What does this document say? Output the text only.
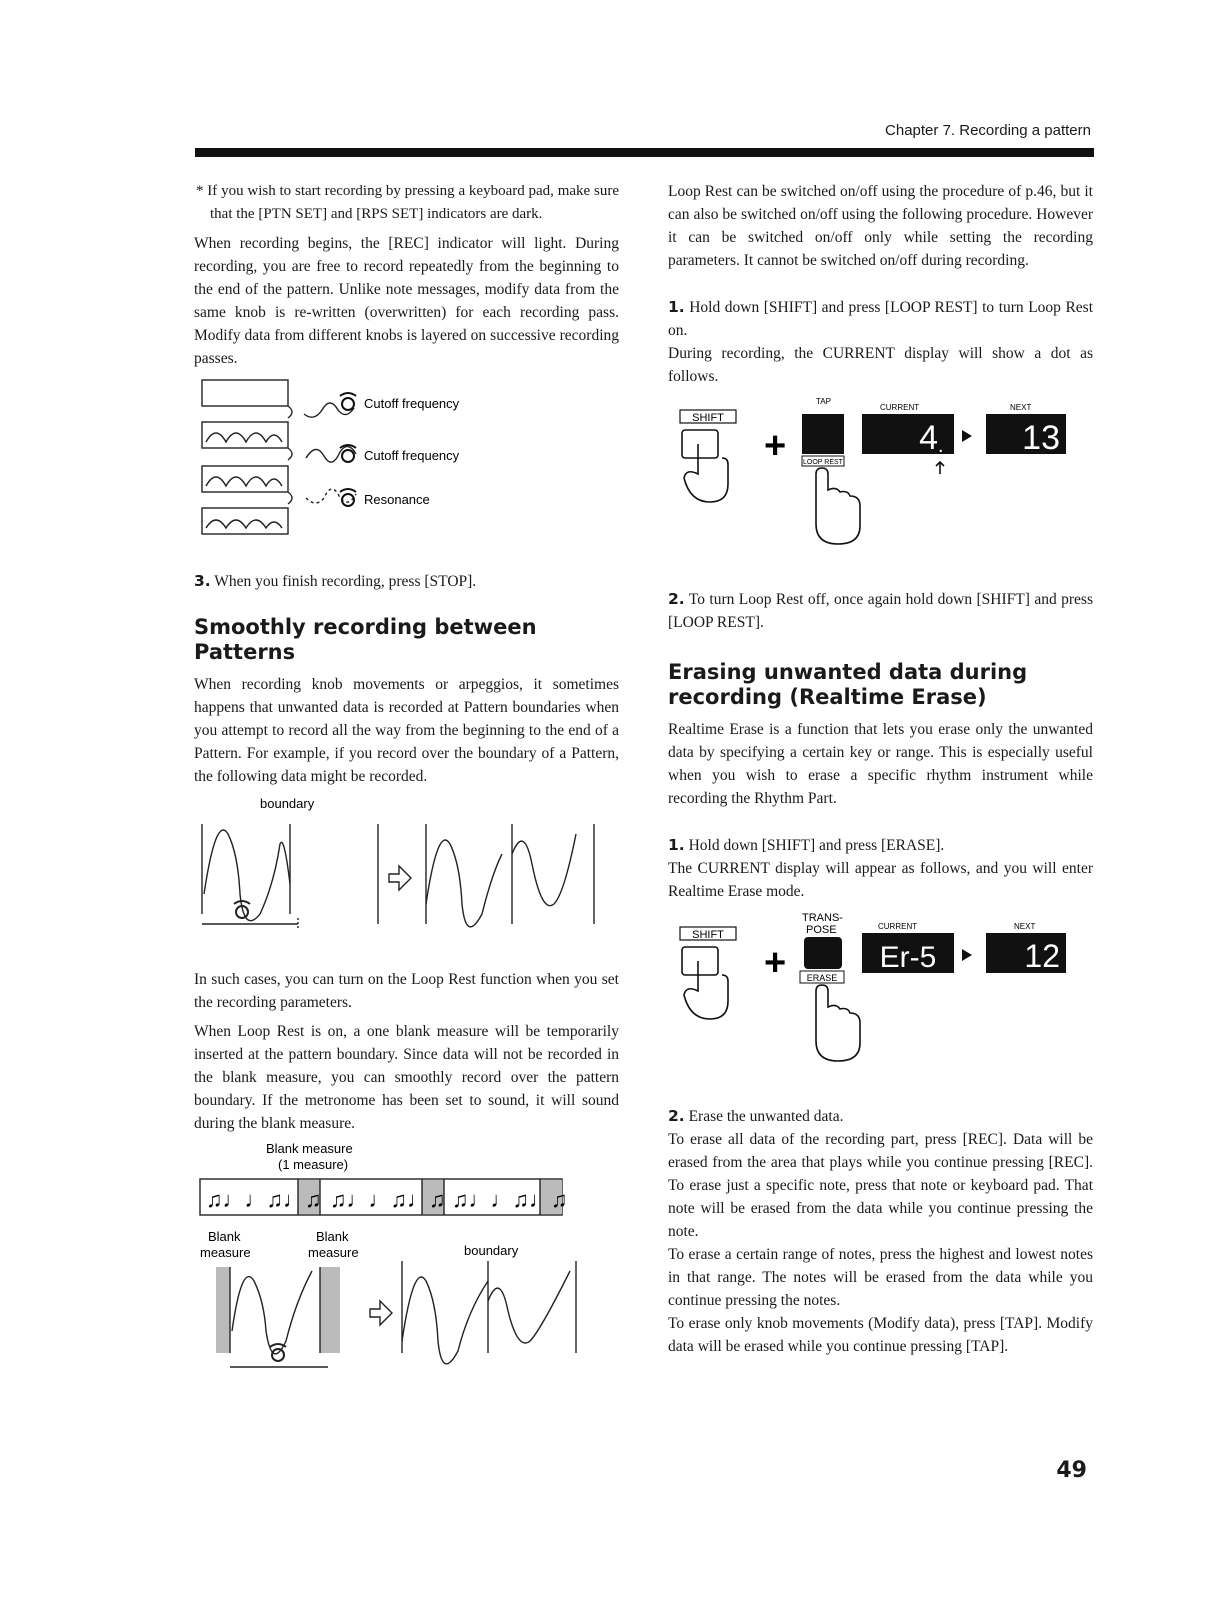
Chapter 7. Recording a pattern

* If you wish to start recording by pressing a keyboard pad, make sure that the [PTN SET] and [RPS SET] indicators are dark.

When recording begins, the [REC] indicator will light. During recording, you are free to record repeatedly from the beginning to the end of the pattern. Unlike note messages, modify data from the same knob is re-written (overwritten) for each recording pass. Modify data from different knobs is layered on successive recording passes.

Cutoff frequency
Cutoff frequency
Resonance

3. When you finish recording, press [STOP].

Smoothly recording between Patterns

When recording knob movements or arpeggios, it sometimes happens that unwanted data is recorded at Pattern boundaries when you attempt to record all the way from the beginning to the end of a Pattern. For example, if you record over the boundary of a Pattern, the following data might be recorded.

boundary

In such cases, you can turn on the Loop Rest function when you set the recording parameters.

When Loop Rest is on, a one blank measure will be temporarily inserted at the pattern boundary. Since data will not be recorded in the blank measure, you can smoothly record over the pattern boundary. If the metronome has been set to sound, it will sound during the blank measure.

Blank measure
(1 measure)
♫♩♩♫♩♫ ♫♩♩♫♩♫ ♫♩♩♫♩♫
Blank
measure
Blank
measure	boundary

Loop Rest can be switched on/off using the procedure of p.46, but it can also be switched on/off using the following procedure. However it can be switched on/off only while setting the recording parameters. It cannot be switched on/off during recording.

1. Hold down [SHIFT] and press [LOOP REST] to turn Loop Rest on.

During recording, the CURRENT display will show a dot as follows.

SHIFT
+
TAP
LOOP REST
CURRENT
4 .
NEXT
13

2. To turn Loop Rest off, once again hold down [SHIFT] and press [LOOP REST].

Erasing unwanted data during recording (Realtime Erase)

Realtime Erase is a function that lets you erase only the unwanted data by specifying a certain key or range. This is especially useful when you wish to erase a specific rhythm instrument while recording the Rhythm Part.

1. Hold down [SHIFT] and press [ERASE].

The CURRENT display will appear as follows, and you will enter Realtime Erase mode.

SHIFT
+
TRANS-
POSE
ERASE
CURRENT
Er-5
NEXT
12

2. Erase the unwanted data.

To erase all data of the recording part, press [REC]. Data will be erased from the area that plays while you continue pressing [REC]. To erase just a specific note, press that note or keyboard pad. That note will be erased from the data while you continue pressing the note.

To erase a certain range of notes, press the highest and lowest notes in that range. The notes will be erased from the data while you continue pressing the notes.

To erase only knob movements (Modify data), press [TAP]. Modify data will be erased while you continue pressing [TAP].

49
